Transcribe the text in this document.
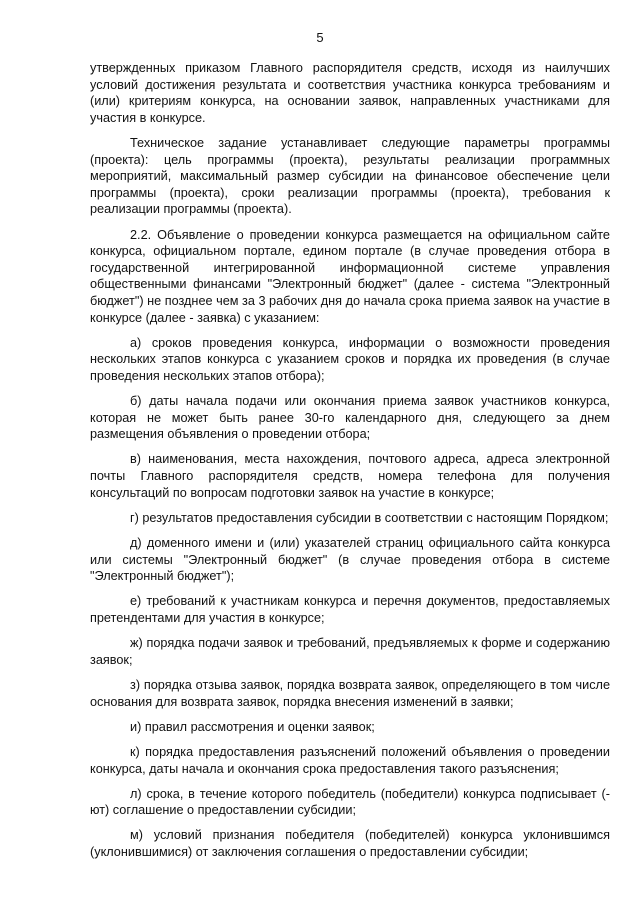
5

утвержденных приказом Главного распорядителя средств, исходя из наилучших условий достижения результата и соответствия участника конкурса требованиям и (или) критериям конкурса, на основании заявок, направленных участниками для участия в конкурсе.

Техническое задание устанавливает следующие параметры программы (проекта): цель программы (проекта), результаты реализации программных мероприятий, максимальный размер субсидии на финансовое обеспечение цели программы (проекта), сроки реализации программы (проекта), требования к реализации программы (проекта).

2.2. Объявление о проведении конкурса размещается на официальном сайте конкурса, официальном портале, едином портале (в случае проведения отбора в государственной интегрированной информационной системе управления общественными финансами "Электронный бюджет" (далее - система "Электронный бюджет") не позднее чем за 3 рабочих дня до начала срока приема заявок на участие в конкурсе (далее - заявка) с указанием:

а) сроков проведения конкурса, информации о возможности проведения нескольких этапов конкурса с указанием сроков и порядка их проведения (в случае проведения нескольких этапов отбора);

б) даты начала подачи или окончания приема заявок участников конкурса, которая не может быть ранее 30-го календарного дня, следующего за днем размещения объявления о проведении отбора;

в) наименования, места нахождения, почтового адреса, адреса электронной почты Главного распорядителя средств, номера телефона для получения консультаций по вопросам подготовки заявок на участие в конкурсе;

г) результатов предоставления субсидии в соответствии с настоящим Порядком;

д) доменного имени и (или) указателей страниц официального сайта конкурса или системы "Электронный бюджет" (в случае проведения отбора в системе "Электронный бюджет");

е) требований к участникам конкурса и перечня документов, предоставляемых претендентами для участия в конкурсе;

ж) порядка подачи заявок и требований, предъявляемых к форме и содержанию заявок;

з) порядка отзыва заявок, порядка возврата заявок, определяющего в том числе основания для возврата заявок, порядка внесения изменений в заявки;

и) правил рассмотрения и оценки заявок;

к) порядка предоставления разъяснений положений объявления о проведении конкурса, даты начала и окончания срока предоставления такого разъяснения;

л) срока, в течение которого победитель (победители) конкурса подписывает (-ют) соглашение о предоставлении субсидии;

м) условий признания победителя (победителей) конкурса уклонившимся (уклонившимися) от заключения соглашения о предоставлении субсидии;
